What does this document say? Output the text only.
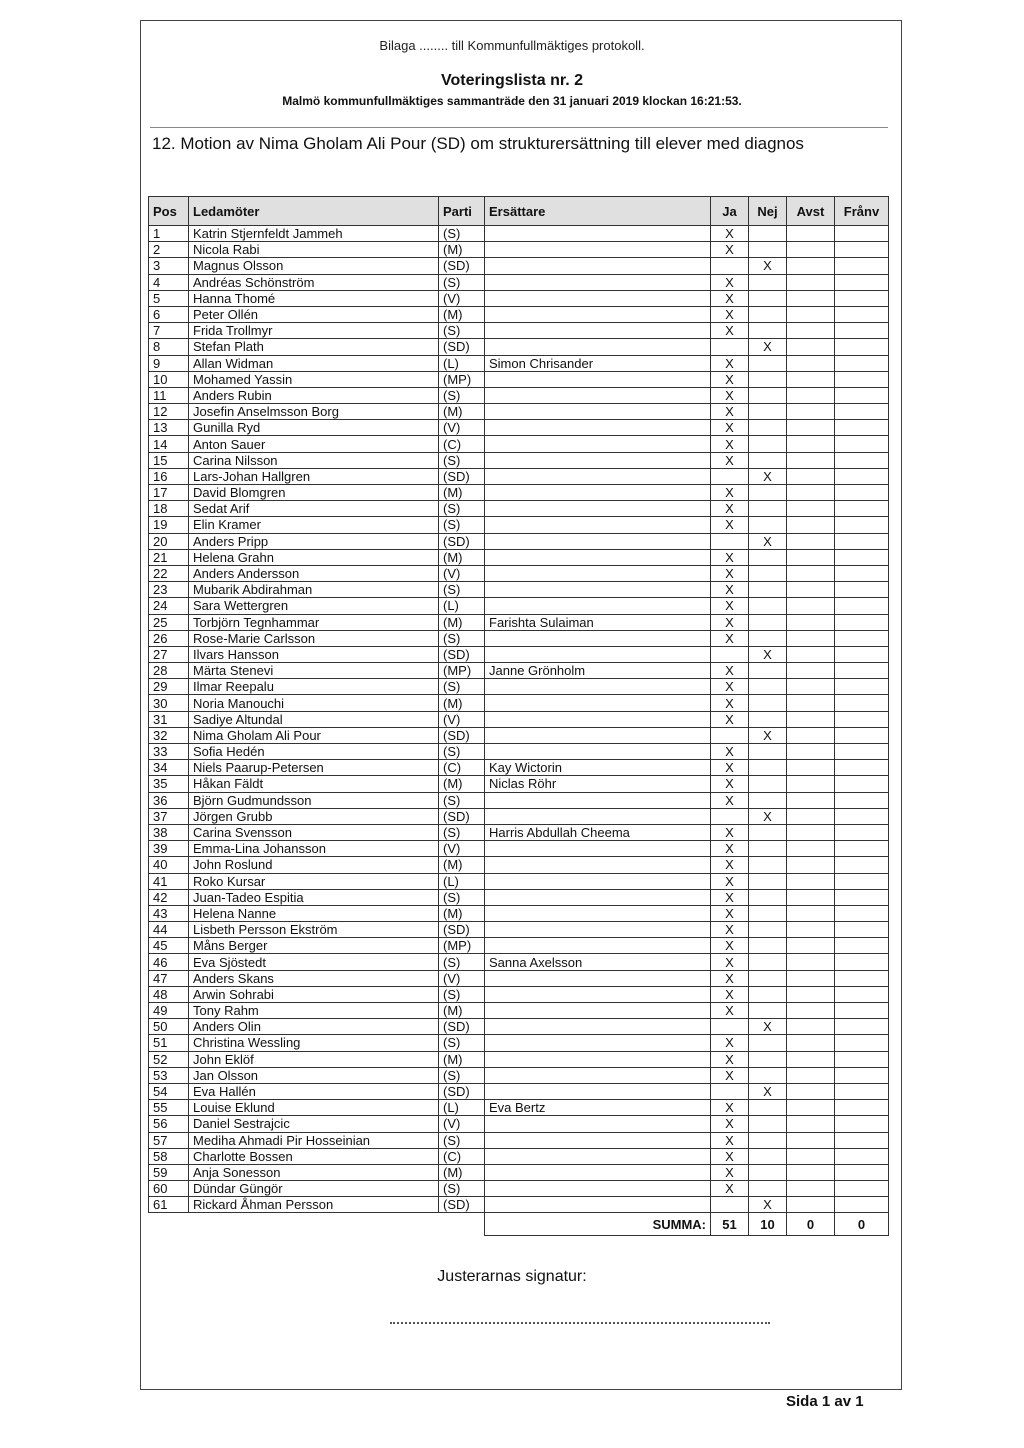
Bilaga ........ till Kommunfullmäktiges protokoll.
Voteringslista nr. 2
Malmö kommunfullmäktiges sammanträde den 31 januari 2019 klockan 16:21:53.
12. Motion av Nima Gholam Ali Pour (SD) om strukturersättning till elever med diagnos
Pos	Ledamöter	Parti	Ersättare	Ja	Nej	Avst	Frånv
1	Katrin Stjernfeldt Jammeh	(S)		X			
2	Nicola Rabi	(M)		X			
3	Magnus Olsson	(SD)			X		
4	Andréas Schönström	(S)		X			
5	Hanna Thomé	(V)		X			
6	Peter Ollén	(M)		X			
7	Frida Trollmyr	(S)		X			
8	Stefan Plath	(SD)			X		
9	Allan Widman	(L)	Simon Chrisander	X			
10	Mohamed Yassin	(MP)		X			
11	Anders Rubin	(S)		X			
12	Josefin Anselmsson Borg	(M)		X			
13	Gunilla Ryd	(V)		X			
14	Anton Sauer	(C)		X			
15	Carina Nilsson	(S)		X			
16	Lars-Johan Hallgren	(SD)			X		
17	David Blomgren	(M)		X			
18	Sedat Arif	(S)		X			
19	Elin Kramer	(S)		X			
20	Anders Pripp	(SD)			X		
21	Helena Grahn	(M)		X			
22	Anders Andersson	(V)		X			
23	Mubarik Abdirahman	(S)		X			
24	Sara Wettergren	(L)		X			
25	Torbjörn Tegnhammar	(M)	Farishta Sulaiman	X			
26	Rose-Marie Carlsson	(S)		X			
27	Ilvars Hansson	(SD)			X		
28	Märta Stenevi	(MP)	Janne Grönholm	X			
29	Ilmar Reepalu	(S)		X			
30	Noria Manouchi	(M)		X			
31	Sadiye Altundal	(V)		X			
32	Nima Gholam Ali Pour	(SD)			X		
33	Sofia Hedén	(S)		X			
34	Niels Paarup-Petersen	(C)	Kay Wictorin	X			
35	Håkan Fäldt	(M)	Niclas Röhr	X			
36	Björn Gudmundsson	(S)		X			
37	Jörgen Grubb	(SD)			X		
38	Carina Svensson	(S)	Harris Abdullah Cheema	X			
39	Emma-Lina Johansson	(V)		X			
40	John Roslund	(M)		X			
41	Roko Kursar	(L)		X			
42	Juan-Tadeo Espitia	(S)		X			
43	Helena Nanne	(M)		X			
44	Lisbeth Persson Ekström	(SD)		X			
45	Måns Berger	(MP)		X			
46	Eva Sjöstedt	(S)	Sanna Axelsson	X			
47	Anders Skans	(V)		X			
48	Arwin Sohrabi	(S)		X			
49	Tony Rahm	(M)		X			
50	Anders Olin	(SD)			X		
51	Christina Wessling	(S)		X			
52	John Eklöf	(M)		X			
53	Jan Olsson	(S)		X			
54	Eva Hallén	(SD)			X		
55	Louise Eklund	(L)	Eva Bertz	X			
56	Daniel Sestrajcic	(V)		X			
57	Mediha Ahmadi Pir Hosseinian	(S)		X			
58	Charlotte Bossen	(C)		X			
59	Anja Sonesson	(M)		X			
60	Dündar Güngör	(S)		X			
61	Rickard Åhman Persson	(SD)			X		
			SUMMA:	51	10	0	0
Justerarnas signatur:
Sida 1 av 1
